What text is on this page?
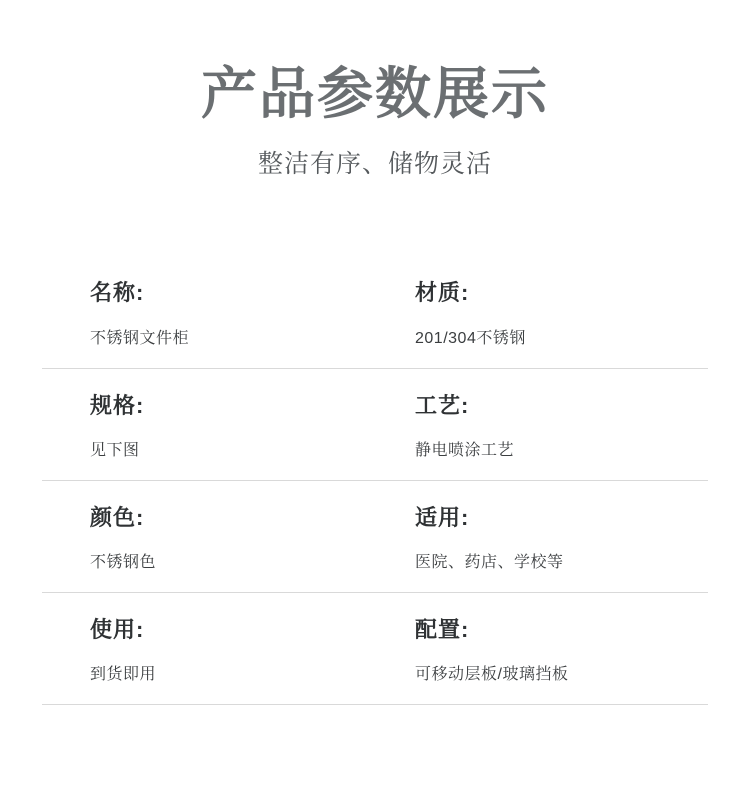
产品参数展示

整洁有序、储物灵活

名称:
不锈钢文件柜
材质:
201/304不锈钢
规格:
见下图
工艺:
静电喷涂工艺
颜色:
不锈钢色
适用:
医院、药店、学校等
使用:
到货即用
配置:
可移动层板/玻璃挡板
